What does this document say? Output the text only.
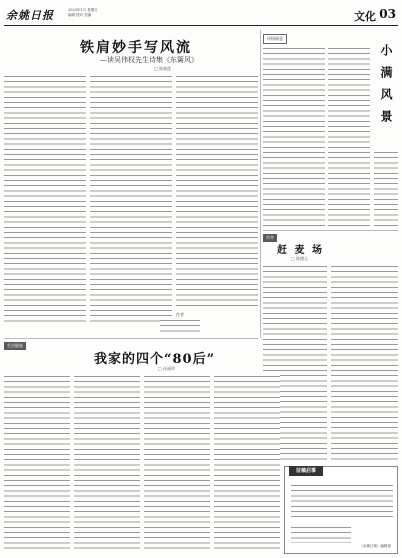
余姚日报	2020年1月 星期日
编辑 校对 美编	文化 03
铁肩妙手写风流
—读吴伟权先生诗集《东篱风》
□ 陈晓莲
作者
诗情画意
小满风景
市井
赶 麦 场
□ 陈德元
生活随笔
我家的四个“80后”
□ 孙丽珍
征稿启事
《余姚日报》编辑部
